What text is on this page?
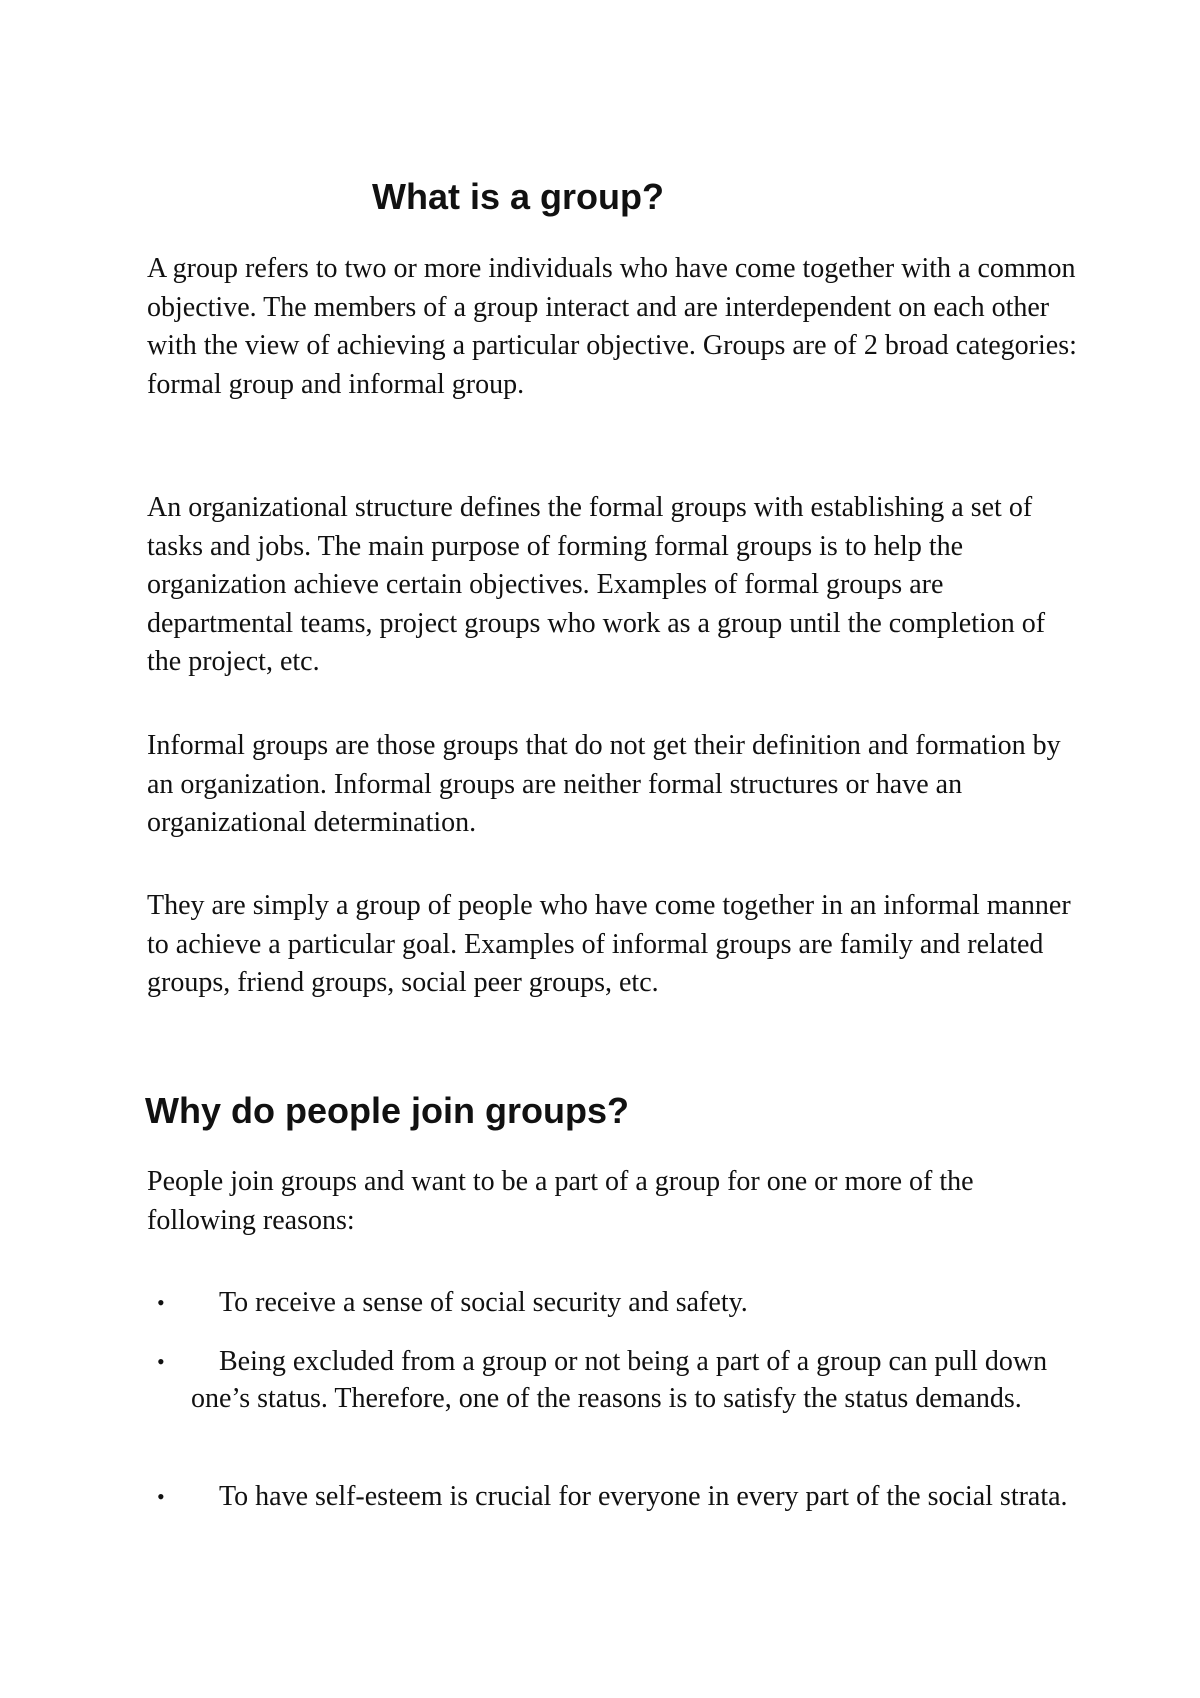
What is a group?

A group refers to two or more individuals who have come together with a common objective. The members of a group interact and are interdependent on each other with the view of achieving a particular objective. Groups are of 2 broad categories: formal group and informal group.

An organizational structure defines the formal groups with establishing a set of tasks and jobs. The main purpose of forming formal groups is to help the organization achieve certain objectives. Examples of formal groups are departmental teams, project groups who work as a group until the completion of the project, etc.

Informal groups are those groups that do not get their definition and formation by an organization. Informal groups are neither formal structures or have an organizational determination.

They are simply a group of people who have come together in an informal manner to achieve a particular goal. Examples of informal groups are family and related groups, friend groups, social peer groups, etc.

Why do people join groups?

People join groups and want to be a part of a group for one or more of the following reasons:

•	To receive a sense of social security and safety.
•	Being excluded from a group or not being a part of a group can pull down one’s status. Therefore, one of the reasons is to satisfy the status demands.
•	To have self-esteem is crucial for everyone in every part of the social strata.
